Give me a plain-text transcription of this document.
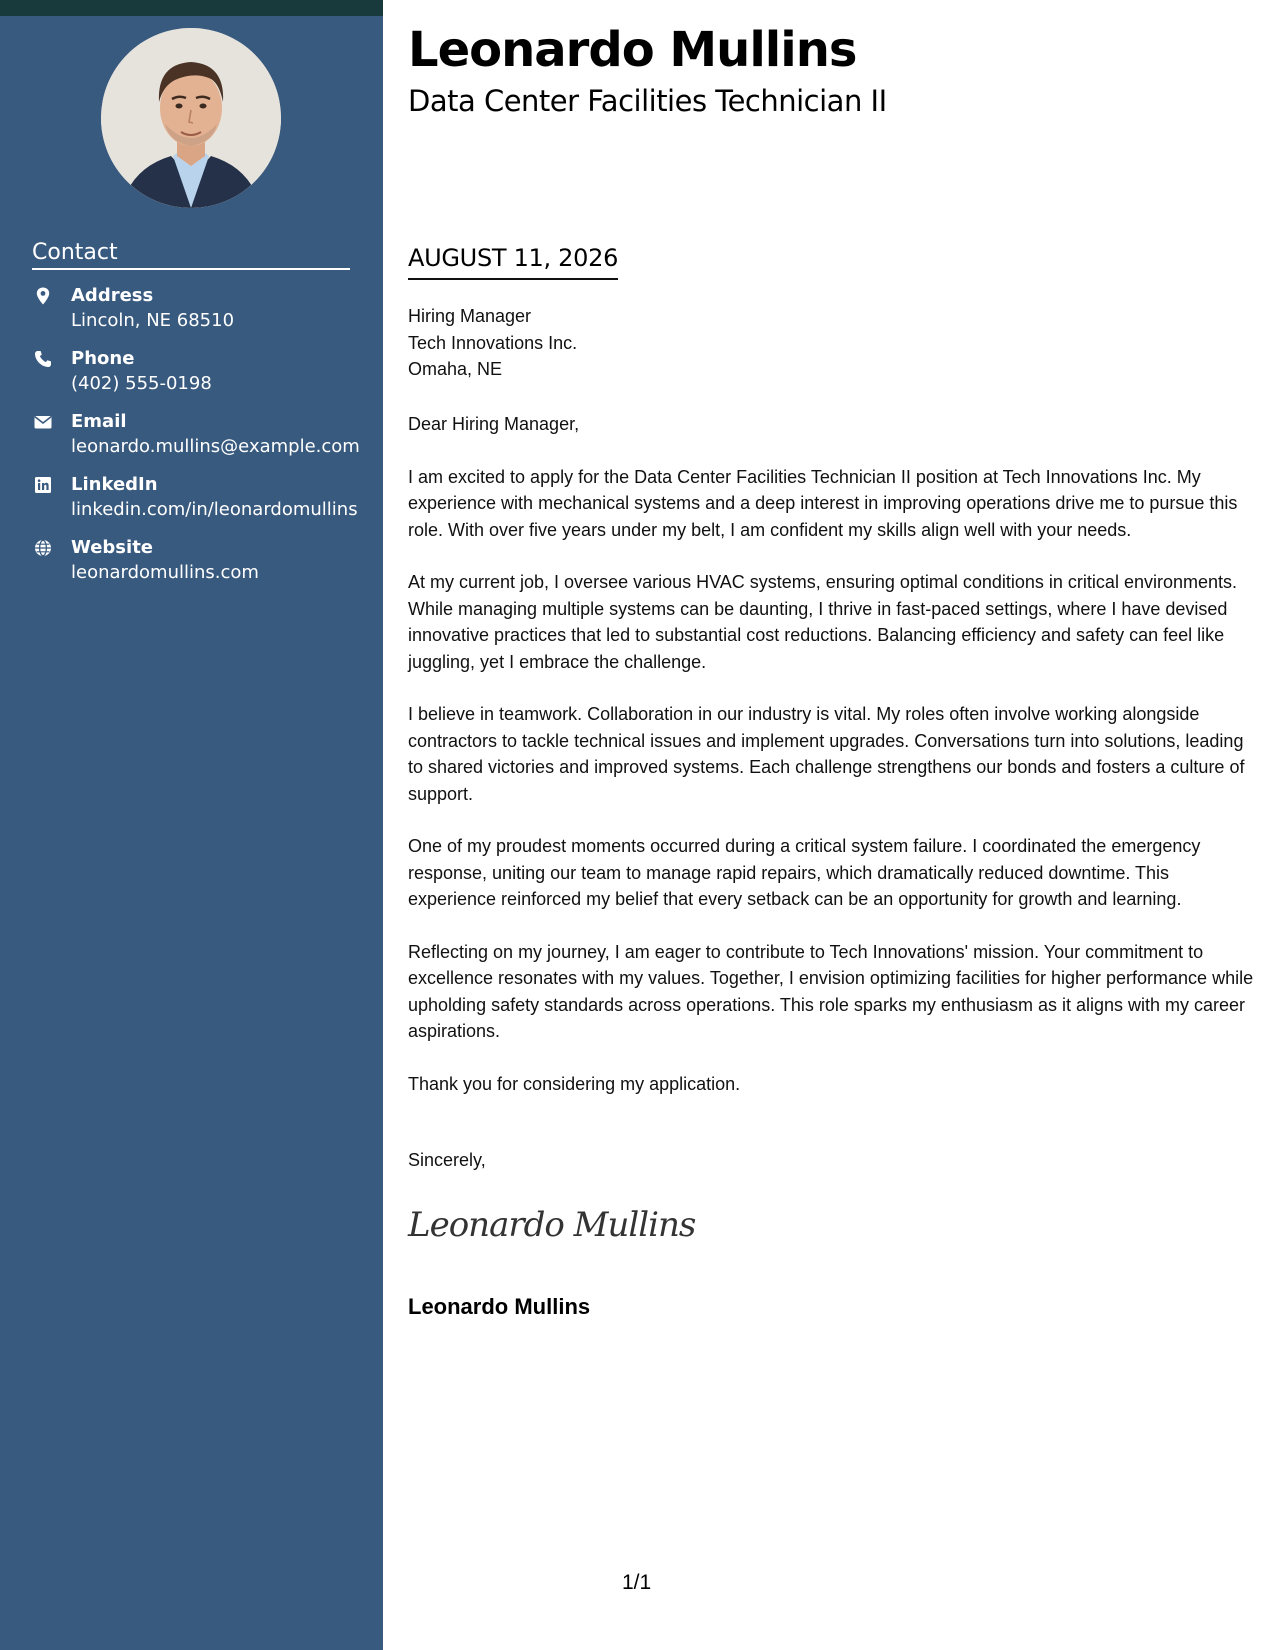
Contact
Address
Lincoln, NE 68510
Phone
(402) 555-0198
Email
leonardo.mullins@example.com
LinkedIn
linkedin.com/in/leonardomullins
Website
leonardomullins.com
Leonardo Mullins
Data Center Facilities Technician II
AUGUST 11, 2026
Hiring Manager
Tech Innovations Inc.
Omaha, NE

Dear Hiring Manager,

I am excited to apply for the Data Center Facilities Technician II position at Tech Innovations Inc. My experience with mechanical systems and a deep interest in improving operations drive me to pursue this role. With over five years under my belt, I am confident my skills align well with your needs.

At my current job, I oversee various HVAC systems, ensuring optimal conditions in critical environments. While managing multiple systems can be daunting, I thrive in fast-paced settings, where I have devised innovative practices that led to substantial cost reductions. Balancing efficiency and safety can feel like juggling, yet I embrace the challenge.

I believe in teamwork. Collaboration in our industry is vital. My roles often involve working alongside contractors to tackle technical issues and implement upgrades. Conversations turn into solutions, leading to shared victories and improved systems. Each challenge strengthens our bonds and fosters a culture of support.

One of my proudest moments occurred during a critical system failure. I coordinated the emergency response, uniting our team to manage rapid repairs, which dramatically reduced downtime. This experience reinforced my belief that every setback can be an opportunity for growth and learning.

Reflecting on my journey, I am eager to contribute to Tech Innovations' mission. Your commitment to excellence resonates with my values. Together, I envision optimizing facilities for higher performance while upholding safety standards across operations. This role sparks my enthusiasm as it aligns with my career aspirations.

Thank you for considering my application.

Sincerely,
Leonardo Mullins
Leonardo Mullins
1/1
